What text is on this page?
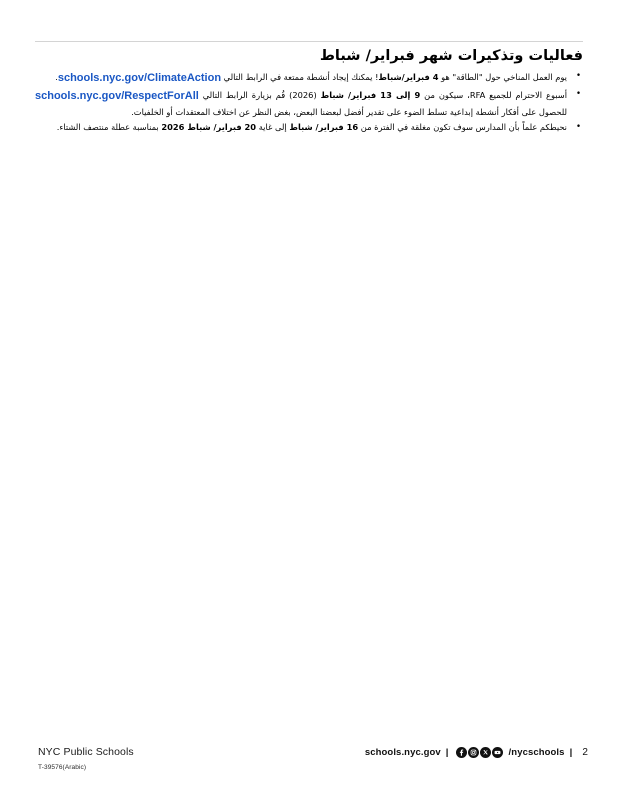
فعاليات وتذكيرات شهر فبراير/ شباط
• يوم العمل المناخي حول "الطاقة" هو 4 فبراير/شباط! يمكنك إيجاد أنشطة ممتعة في الرابط التالي schools.nyc.gov/ClimateAction.
• أسبوع الاحترام للجميع RFA، سيكون من 9 إلى 13 فبراير/ شباط (2026) قُم بزيارة الرابط التالي schools.nyc.gov/RespectForAll للحصول على أفكار أنشطة إبداعية تسلط الضوء على تقدير أفضل لبعضنا البعض، بغض النظر عن اختلاف المعتقدات أو الخلفيات.
• نحيطكم علماً بأن المدارس سوف تكون مغلقة في الفترة من 16 فبراير/ شباط إلى غاية 20 فبراير/ شباط 2026 بمناسبة عطلة منتصف الشتاء.
NYC Public Schools
T-39576(Arabic)
schools.nyc.gov |	/nycschools | 2
